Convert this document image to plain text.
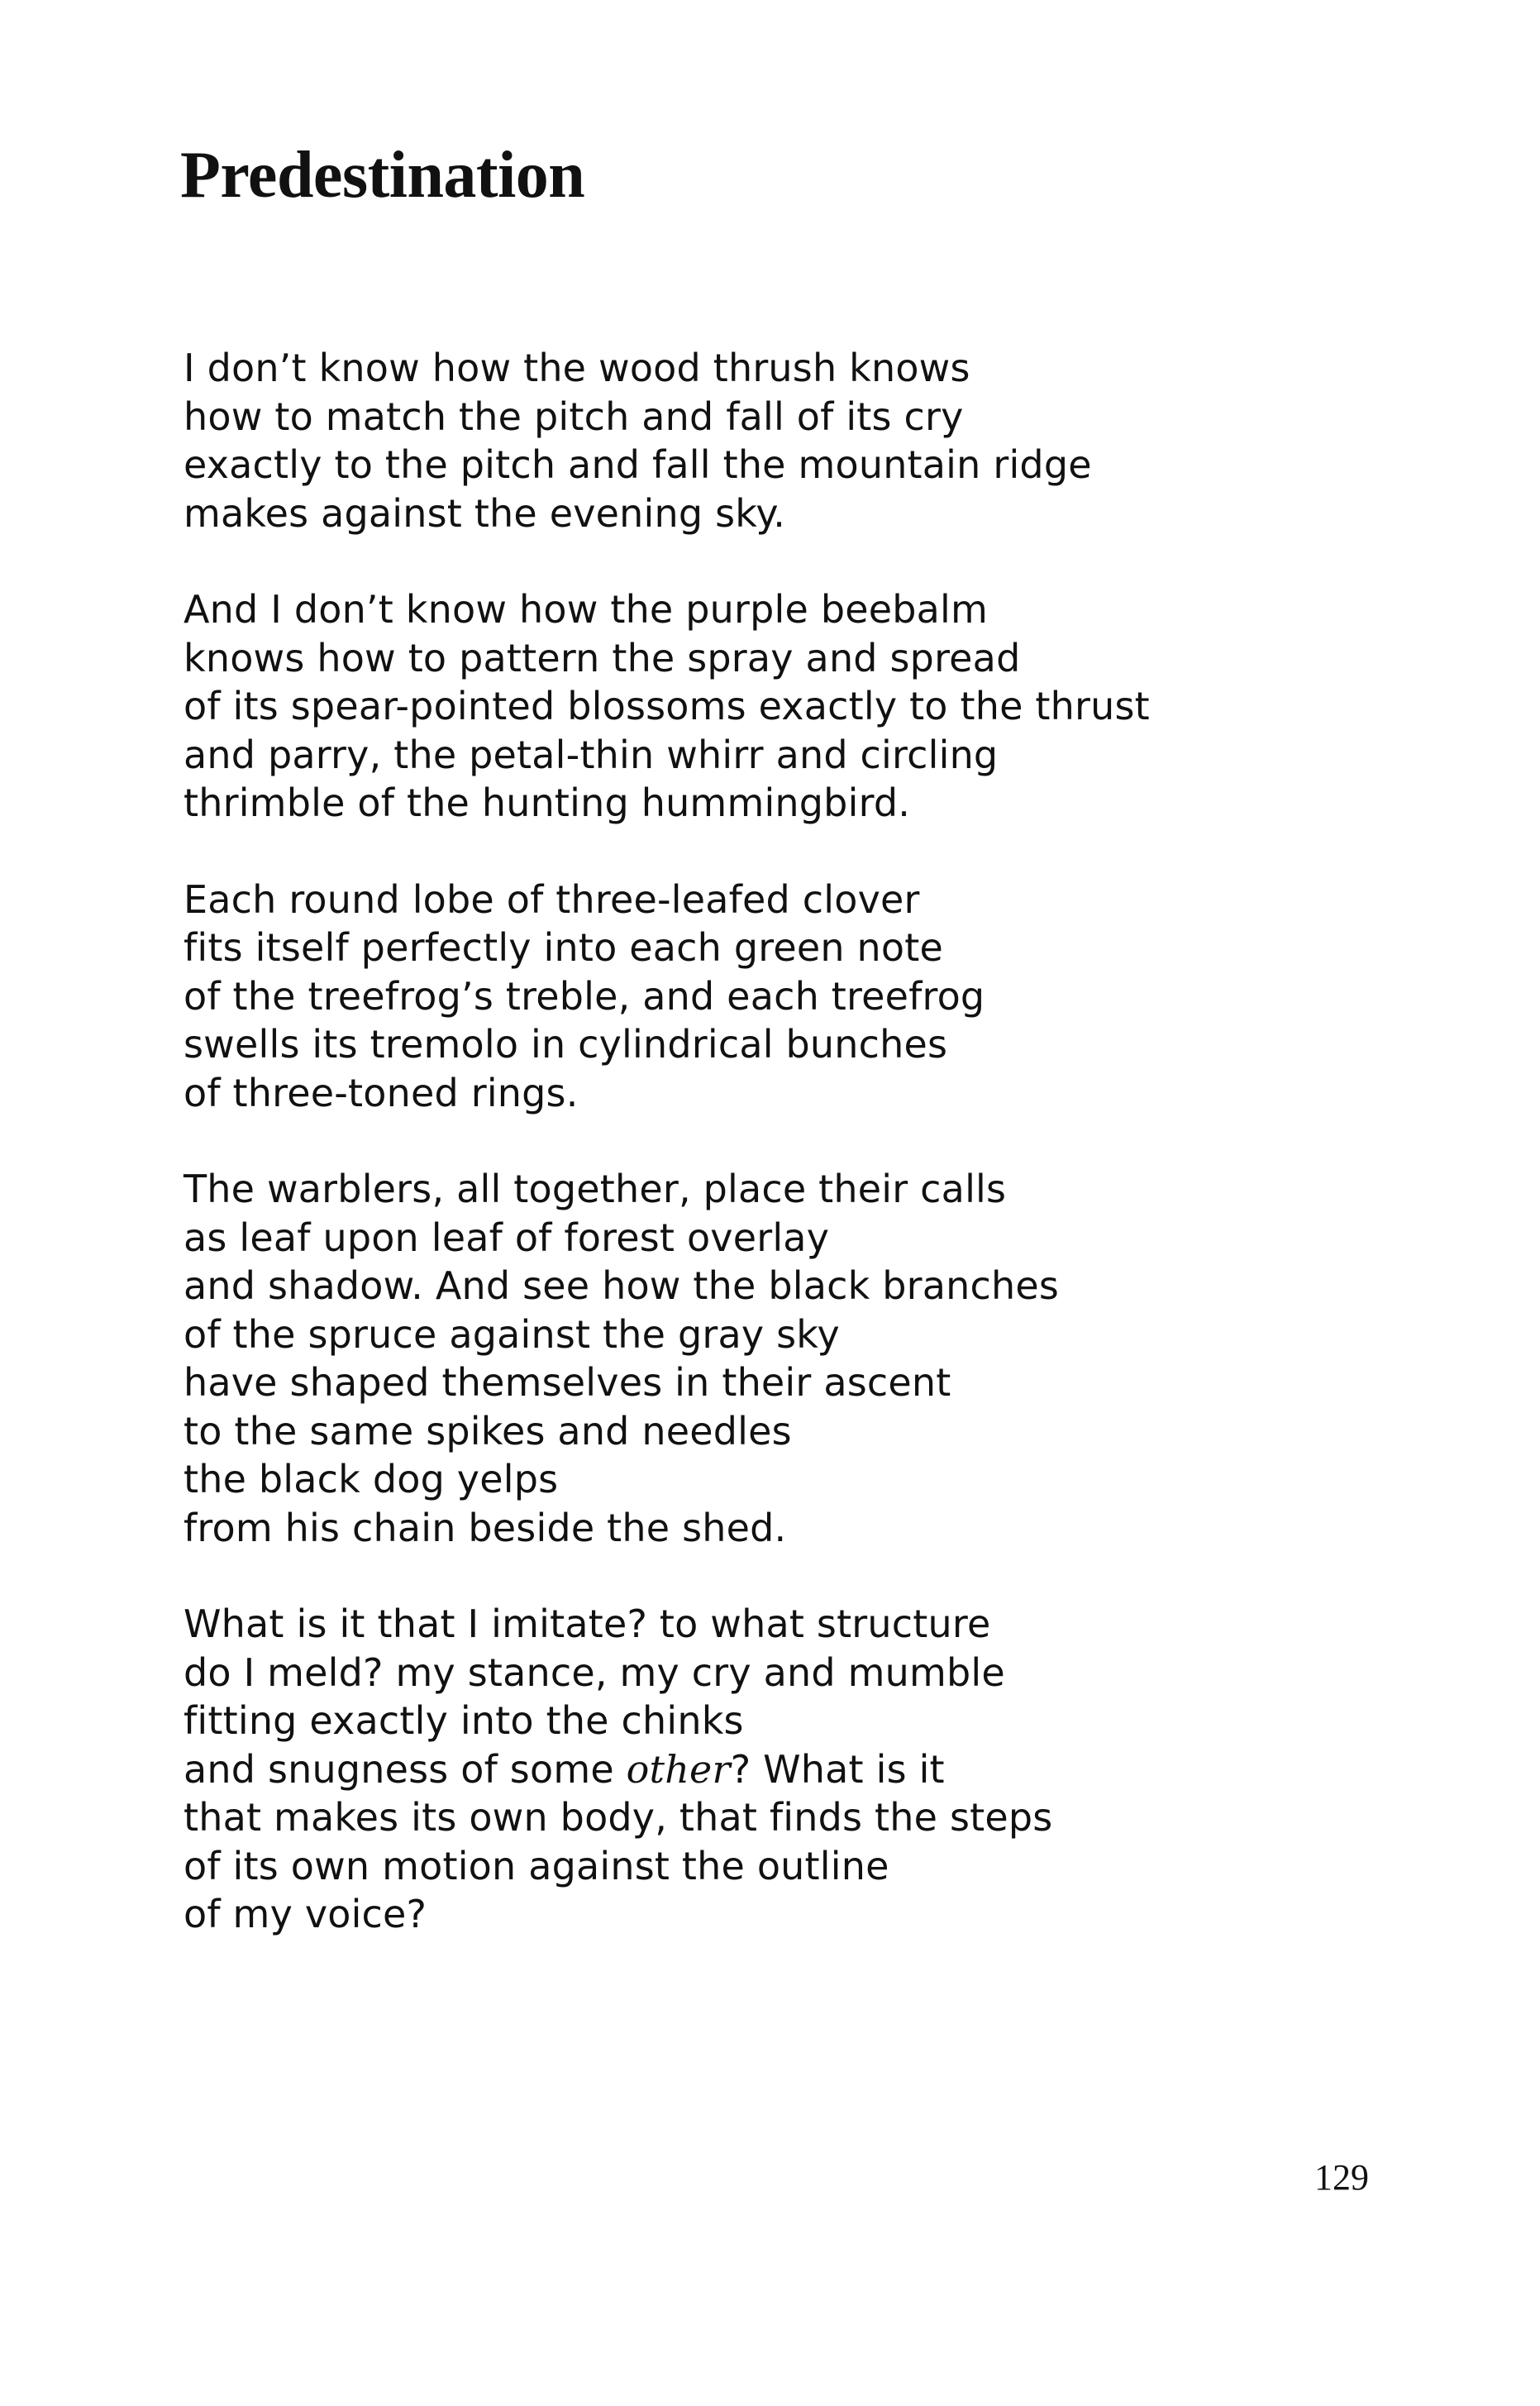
Predestination
I don’t know how the wood thrush knows
how to match the pitch and fall of its cry
exactly to the pitch and fall the mountain ridge
makes against the evening sky.
And I don’t know how the purple beebalm
knows how to pattern the spray and spread
of its spear-pointed blossoms exactly to the thrust
and parry, the petal-thin whirr and circling
thrimble of the hunting hummingbird.
Each round lobe of three-leafed clover
fits itself perfectly into each green note
of the treefrog’s treble, and each treefrog
swells its tremolo in cylindrical bunches
of three-toned rings.
The warblers, all together, place their calls
as leaf upon leaf of forest overlay
and shadow. And see how the black branches
of the spruce against the gray sky
have shaped themselves in their ascent
to the same spikes and needles
the black dog yelps
from his chain beside the shed.
What is it that I imitate? to what structure
do I meld? my stance, my cry and mumble
fitting exactly into the chinks
and snugness of some other? What is it
that makes its own body, that finds the steps
of its own motion against the outline
of my voice?
129
